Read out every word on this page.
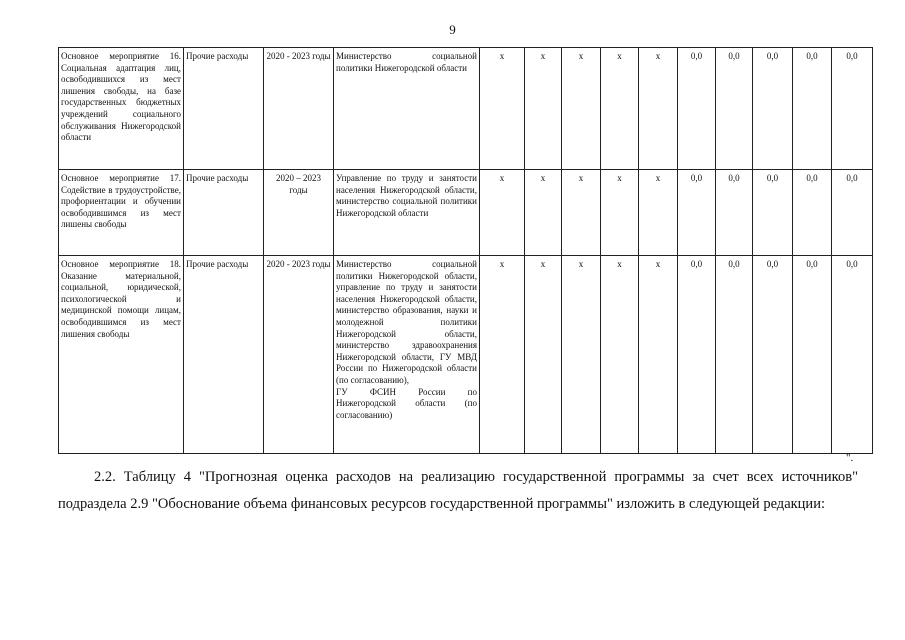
9
Основное мероприятие 16. Социальная адаптация лиц, освободившихся из мест лишения свободы, на базе государственных бюджетных учреждений социального обслуживания Нижегородской области	Прочие расходы	2020 - 2023 годы	Министерство социальной политики Нижегородской области	х	х	х	х	х	0,0	0,0	0,0	0,0	0,0
Основное мероприятие 17. Содействие в трудоустройстве, профориентации и обучении освободившимся из мест лишены свободы	Прочие расходы	2020 – 2023 годы	Управление по труду и занятости населения Нижегородской области, министерство социальной политики Нижегородской области	х	х	х	х	х	0,0	0,0	0,0	0,0	0,0
Основное мероприятие 18. Оказание материальной, социальной, юридической, психологической и медицинской помощи лицам, освободившимся из мест лишения свободы	Прочие расходы	2020 - 2023 годы	Министерство социальной политики Нижегородской области, управление по труду и занятости населения Нижегородской области, министерство образования, науки и молодежной политики Нижегородской области, министерство здравоохранения Нижегородской области, ГУ МВД России по Нижегородской области (по согласованию),
ГУ ФСИН России по Нижегородской области (по согласованию)	х	х	х	х	х	0,0	0,0	0,0	0,0	0,0
".
2.2. Таблицу 4 "Прогнозная оценка расходов на реализацию государственной программы за счет всех источников" подраздела 2.9 "Обоснование объема финансовых ресурсов государственной программы" изложить в следующей редакции:
